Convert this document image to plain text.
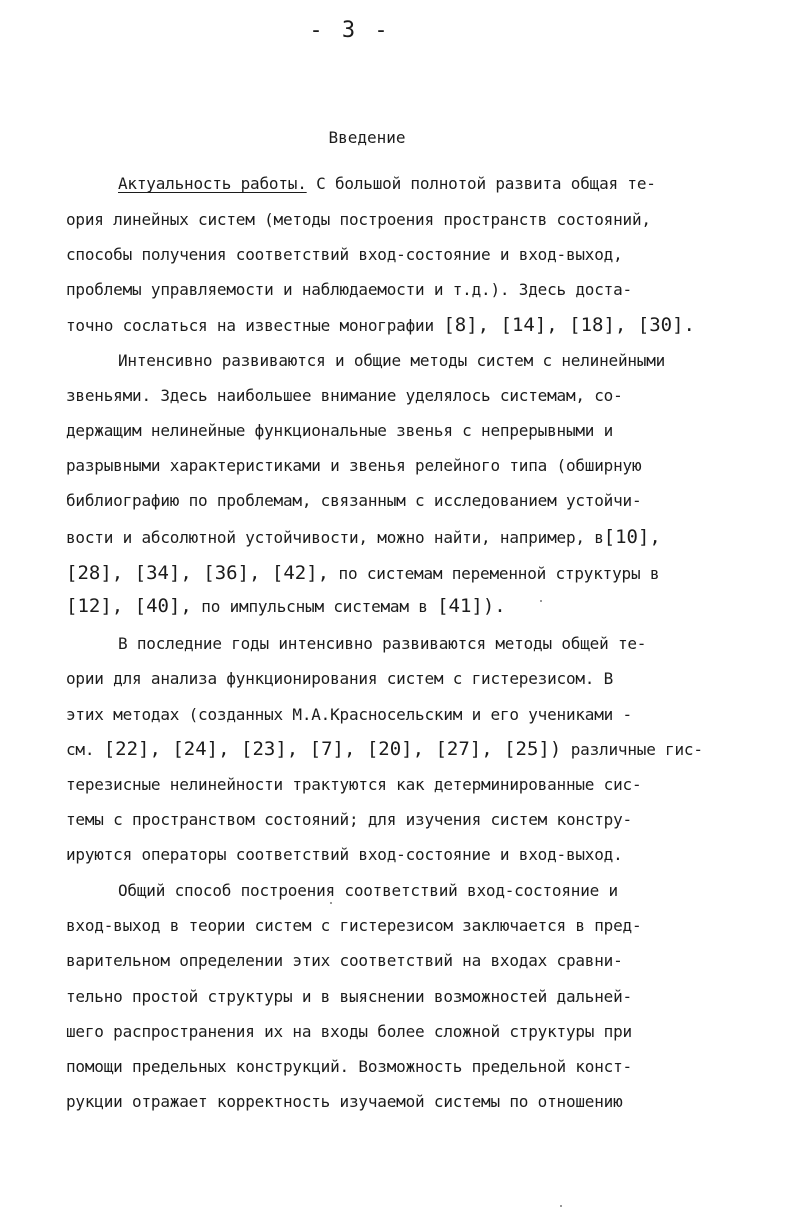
- 3 -
Введение
Актуальность работы. С большой полнотой развита общая те-
ория линейных систем (методы построения пространств состояний,
способы получения соответствий вход-состояние и вход-выход,
проблемы управляемости и наблюдаемости и т.д.). Здесь доста-
точно сослаться на известные монографии [8], [14], [18], [30].
Интенсивно развиваются и общие методы систем с нелинейными
звеньями. Здесь наибольшее внимание уделялось системам, со-
держащим нелинейные функциональные звенья с непрерывными и
разрывными характеристиками и звенья релейного типа (обширную
библиографию по проблемам, связанным с исследованием устойчи-
вости и абсолютной устойчивости, можно найти, например, в[10],
[28], [34], [36], [42], по системам переменной структуры в
[12], [40], по импульсным системам в [41]).
В последние годы интенсивно развиваются методы общей те-
ории для анализа функционирования систем с гистерезисом. В
этих методах (созданных М.А.Красносельским и его учениками -
см. [22], [24], [23], [7], [20], [27], [25]) различные гис-
терезисные нелинейности трактуются как детерминированные сис-
темы с пространством состояний; для изучения систем констру-
ируются операторы соответствий вход-состояние и вход-выход.
Общий способ построения соответствий вход-состояние и
вход-выход в теории систем с гистерезисом заключается в пред-
варительном определении этих соответствий на входах сравни-
тельно простой структуры и в выяснении возможностей дальней-
шего распространения их на входы более сложной структуры при
помощи предельных конструкций. Возможность предельной конст-
рукции отражает корректность изучаемой системы по отношению
